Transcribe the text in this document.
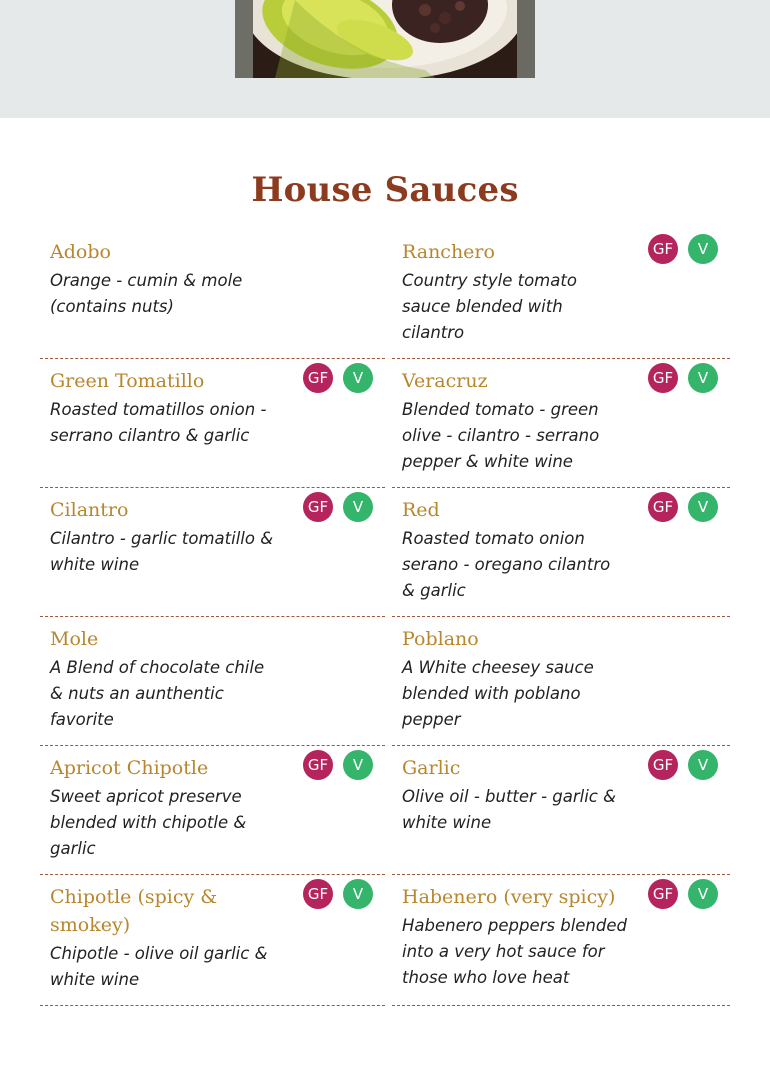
House Sauces
Adobo

Orange - cumin & mole (contains nuts)

Ranchero

Country style tomato sauce blended with cilantro

GF	V
Green Tomatillo

Roasted tomatillos onion - serrano cilantro & garlic

GF	V	Veracruz

Blended tomato - green olive - cilantro - serrano pepper & white wine

GF	V
Cilantro

Cilantro - garlic tomatillo & white wine

GF	V	Red

Roasted tomato onion serano - oregano cilantro & garlic

GF	V
Mole

A Blend of chocolate chile & nuts an aunthentic favorite

Poblano

A White cheesey sauce blended with poblano pepper

Apricot Chipotle

Sweet apricot preserve blended with chipotle & garlic

GF	V	Garlic

Olive oil - butter - garlic & white wine

GF	V
Chipotle (spicy & smokey)

Chipotle - olive oil garlic & white wine

GF	V	Habenero (very spicy)

Habenero peppers blended into a very hot sauce for those who love heat

GF	V
